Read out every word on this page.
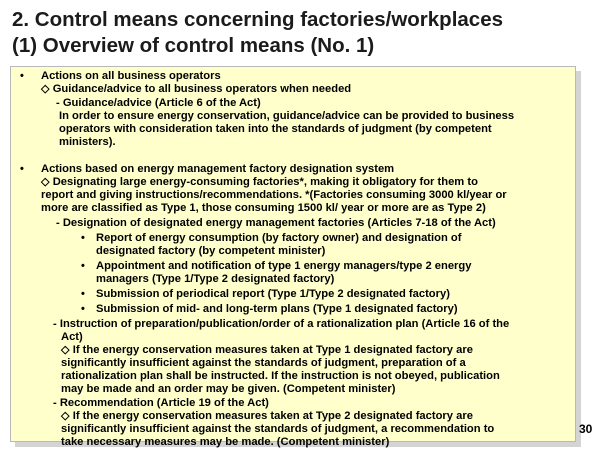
2. Control means concerning factories/workplaces
(1) Overview of control means (No. 1)
• Actions on all business operators

◇ Guidance/advice to all business operators when needed

- Guidance/advice (Article 6 of the Act)

In order to ensure energy conservation, guidance/advice can be provided to business

operators with consideration taken into the standards of judgment (by competent

ministers).

• Actions based on energy management factory designation system

◇ Designating large energy-consuming factories*, making it obligatory for them to

report and giving instructions/recommendations. *(Factories consuming 3000 kl/year or

more are classified as Type 1, those consuming 1500 kl/ year or more are as Type 2)

- Designation of designated energy management factories (Articles 7-18 of the Act)

• Report of energy consumption (by factory owner) and designation of

designated factory (by competent minister)

• Appointment and notification of type 1 energy managers/type 2 energy

managers (Type 1/Type 2 designated factory)

• Submission of periodical report (Type 1/Type 2 designated factory)

• Submission of mid- and long-term plans (Type 1 designated factory)

- Instruction of preparation/publication/order of a rationalization plan (Article 16 of the

Act)

◇ If the energy conservation measures taken at Type 1 designated factory are

significantly insufficient against the standards of judgment, preparation of a

rationalization plan shall be instructed. If the instruction is not obeyed, publication

may be made and an order may be given. (Competent minister)

- Recommendation (Article 19 of the Act)

◇ If the energy conservation measures taken at Type 2 designated factory are

significantly insufficient against the standards of judgment, a recommendation to

take necessary measures may be made. (Competent minister)

30
